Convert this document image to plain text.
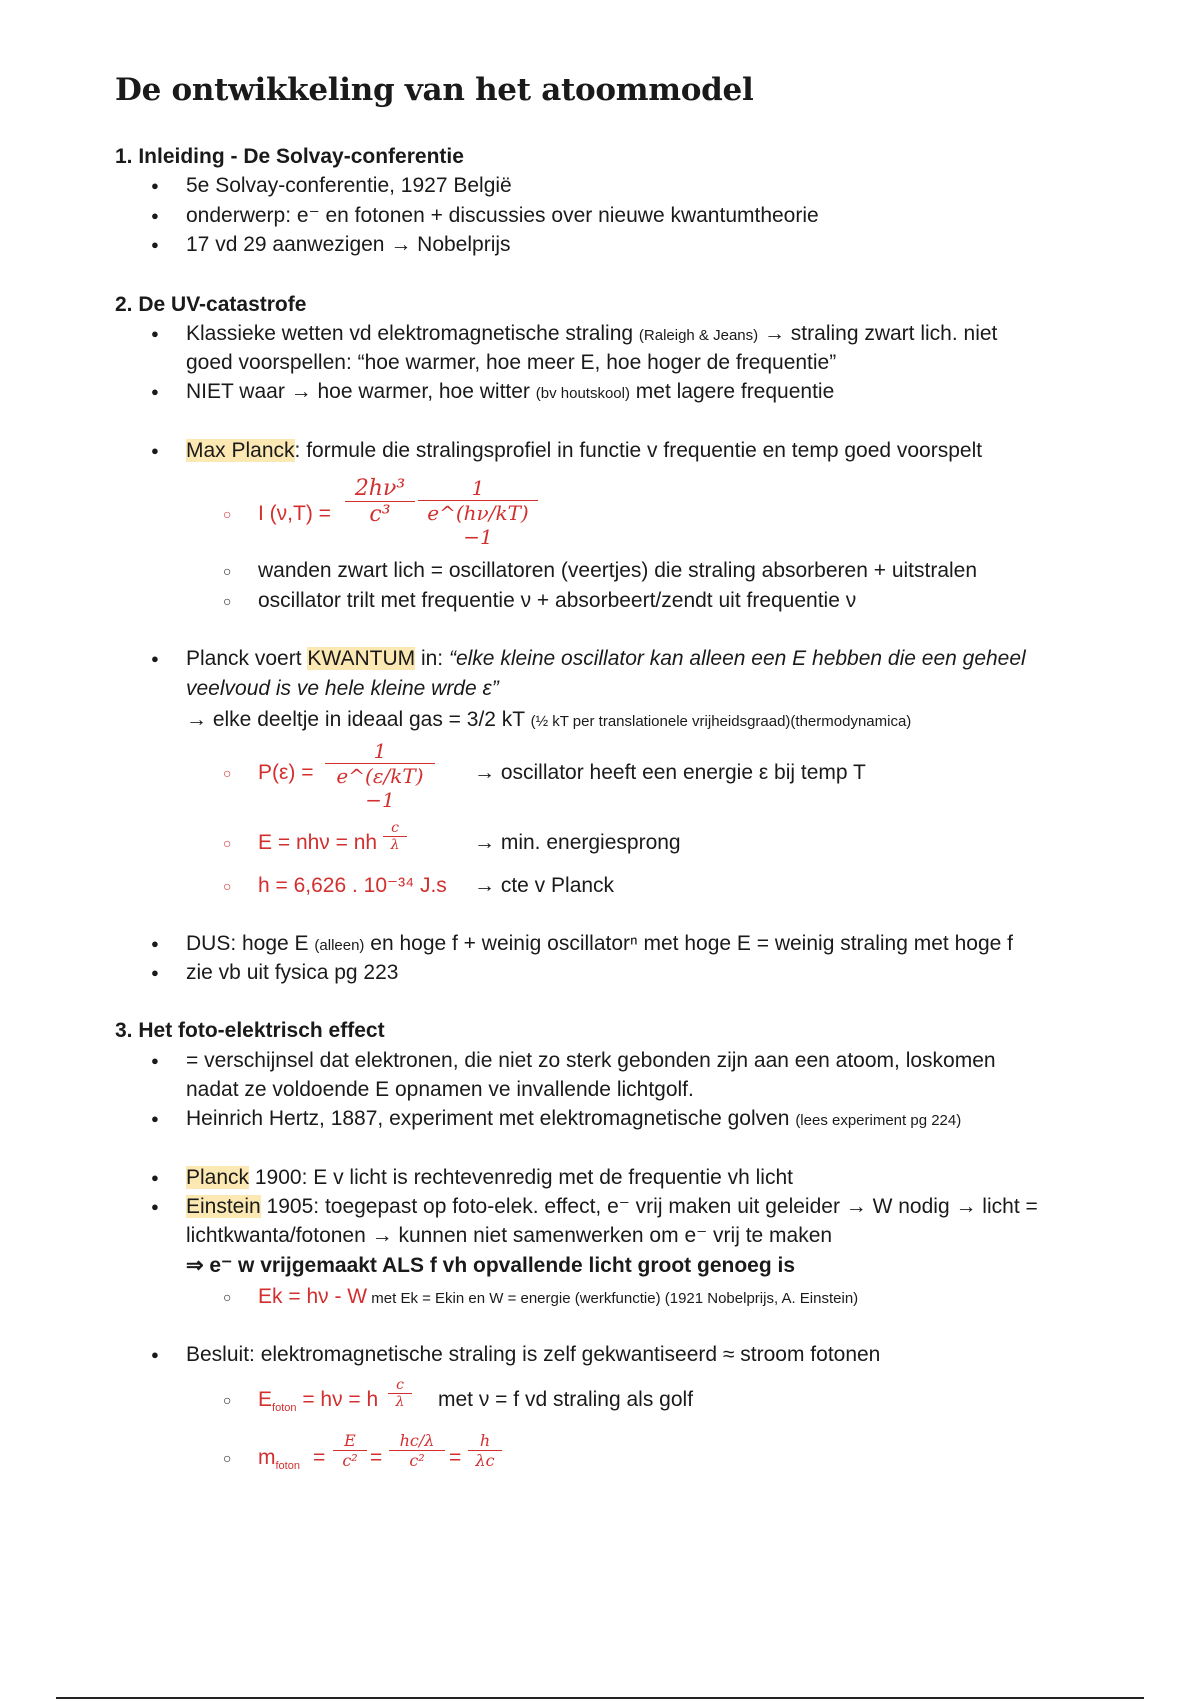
De ontwikkeling van het atoommodel
1. Inleiding - De Solvay-conferentie
● 5e Solvay-conferentie, 1927 België
● onderwerp: e⁻ en fotonen + discussies over nieuwe kwantumtheorie
● 17 vd 29 aanwezigen → Nobelprijs
2. De UV-catastrofe
● Klassieke wetten vd elektromagnetische straling (Raleigh & Jeans) → straling zwart lich. niet
goed voorspellen: “hoe warmer, hoe meer E, hoe hoger de frequentie”
● NIET waar → hoe warmer, hoe witter (bv houtskool) met lagere frequentie
● Max Planck: formule die stralingsprofiel in functie v frequentie en temp goed voorspelt
○ I $(\nu,T) = \frac{\text{2hν³}}{\text{c³}} \frac{1}{e\^{}(h\nu/kT) -1}$
○ wanden zwart lich = oscillatoren (veertjes) die straling absorberen + uitstralen
○ oscillator trilt met frequentie ν + absorbeert/zendt uit frequentie ν
● Planck voert KWANTUM in: “elke kleine oscillator kan alleen een E hebben die een geheel
veelvoud is ve hele kleine wrde ε”
→ elke deeltje in ideaal gas = 3/2 kT (½ kT per translationele vrijheidsgraad)(thermodynamica)
○ $P(\varepsilon) = \frac{1}{e\^{}(\varepsilon/kT) -1}$ → oscillator heeft een energie ε bij temp T
○ E = nhν = nh $\frac{c}{\lambda}$	→ min. energiesprong
○ h = 6,626 . 10⁻³⁴ J.s → cte v Planck
● DUS: hoge E (alleen) en hoge f + weinig oscillatorⁿ met hoge E = weinig straling met hoge f
● zie vb uit fysica pg 223
3. Het foto-elektrisch effect
● = verschijnsel dat elektronen, die niet zo sterk gebonden zijn aan een atoom, loskomen
nadat ze voldoende E opnamen ve invallende lichtgolf.
● Heinrich Hertz, 1887, experiment met elektromagnetische golven (lees experiment pg 224)
● Planck 1900: E v licht is rechtevenredig met de frequentie vh licht
● Einstein 1905: toegepast op foto-elek. effect, e⁻ vrij maken uit geleider → W nodig → licht =
lichtkwanta/fotonen → kunnen niet samenwerken om e⁻ vrij te maken
⇒ e⁻ w vrijgemaakt ALS f vh opvallende licht groot genoeg is
○ Ek = hν - W met Ek = Ekin en W = energie (werkfunctie) (1921 Nobelprijs, A. Einstein)
● Besluit: elektromagnetische straling is zelf gekwantiseerd ≈ stroom fotonen
○ $E_{foton} = h\nu = h \frac{c}{\lambda}$ met ν = f vd straling als golf
○ $m_{foton} = \frac{E}{\text{c²}} = \frac{hc/\lambda}{\text{c²}} = \frac{h}{\lambda c}$
